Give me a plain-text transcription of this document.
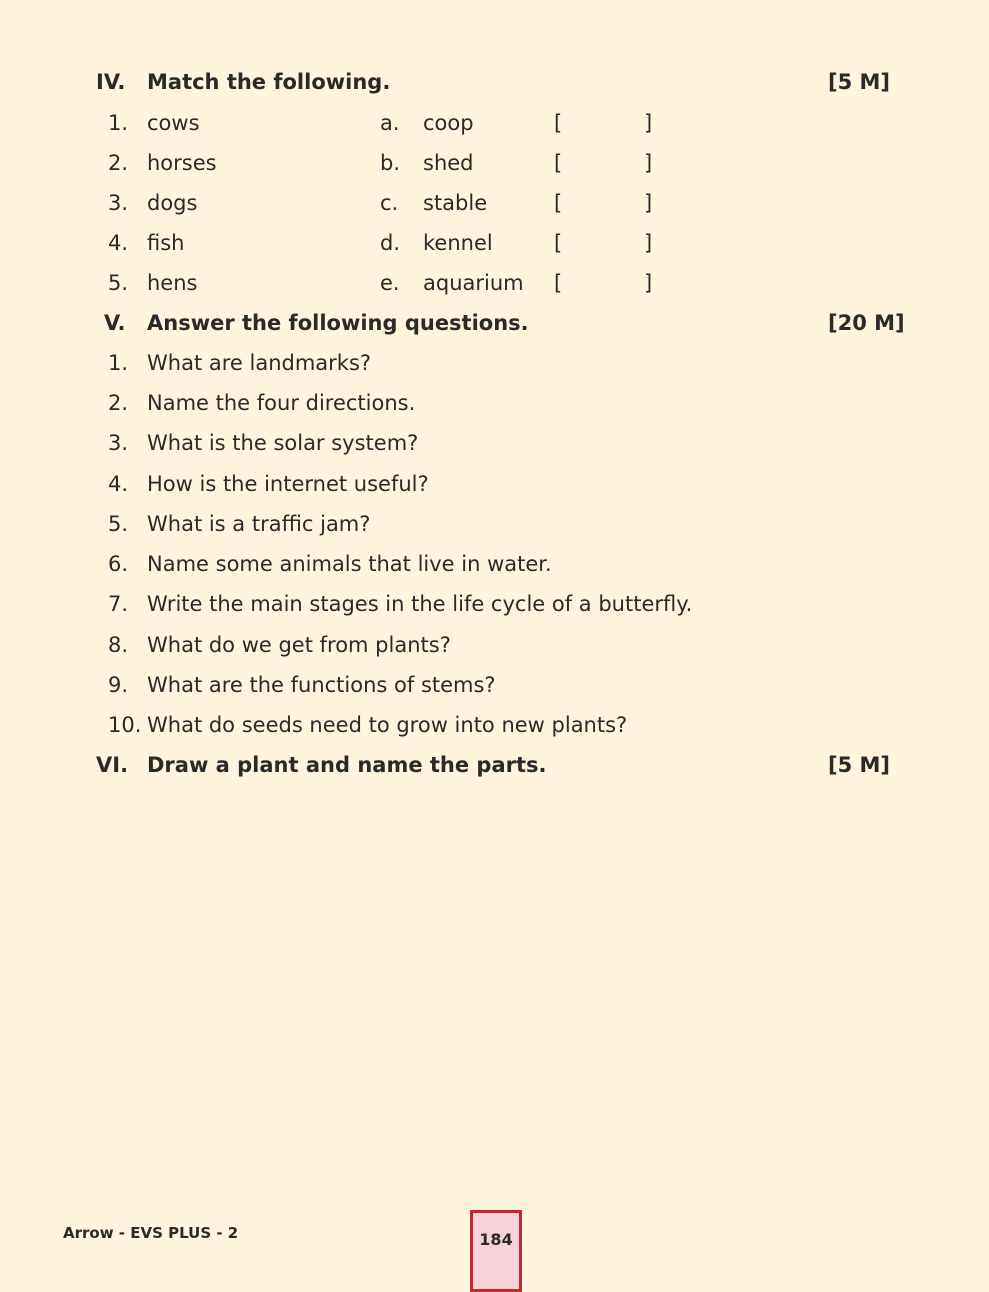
IV. Match the following.	[5 M]
1. cows	a. coop	[	]
2. horses	b. shed	[	]
3. dogs	c. stable	[	]
4. fish	d. kennel	[	]
5. hens	e. aquarium [	]
V. Answer the following questions.	[20 M]
1. What are landmarks?
2. Name the four directions.
3. What is the solar system?
4. How is the internet useful?
5. What is a traffic jam?
6. Name some animals that live in water.
7. Write the main stages in the life cycle of a butterfly.
8. What do we get from plants?
9. What are the functions of stems?
10. What do seeds need to grow into new plants?
VI. Draw a plant and name the parts.	[5 M]
Arrow - EVS PLUS - 2	184
